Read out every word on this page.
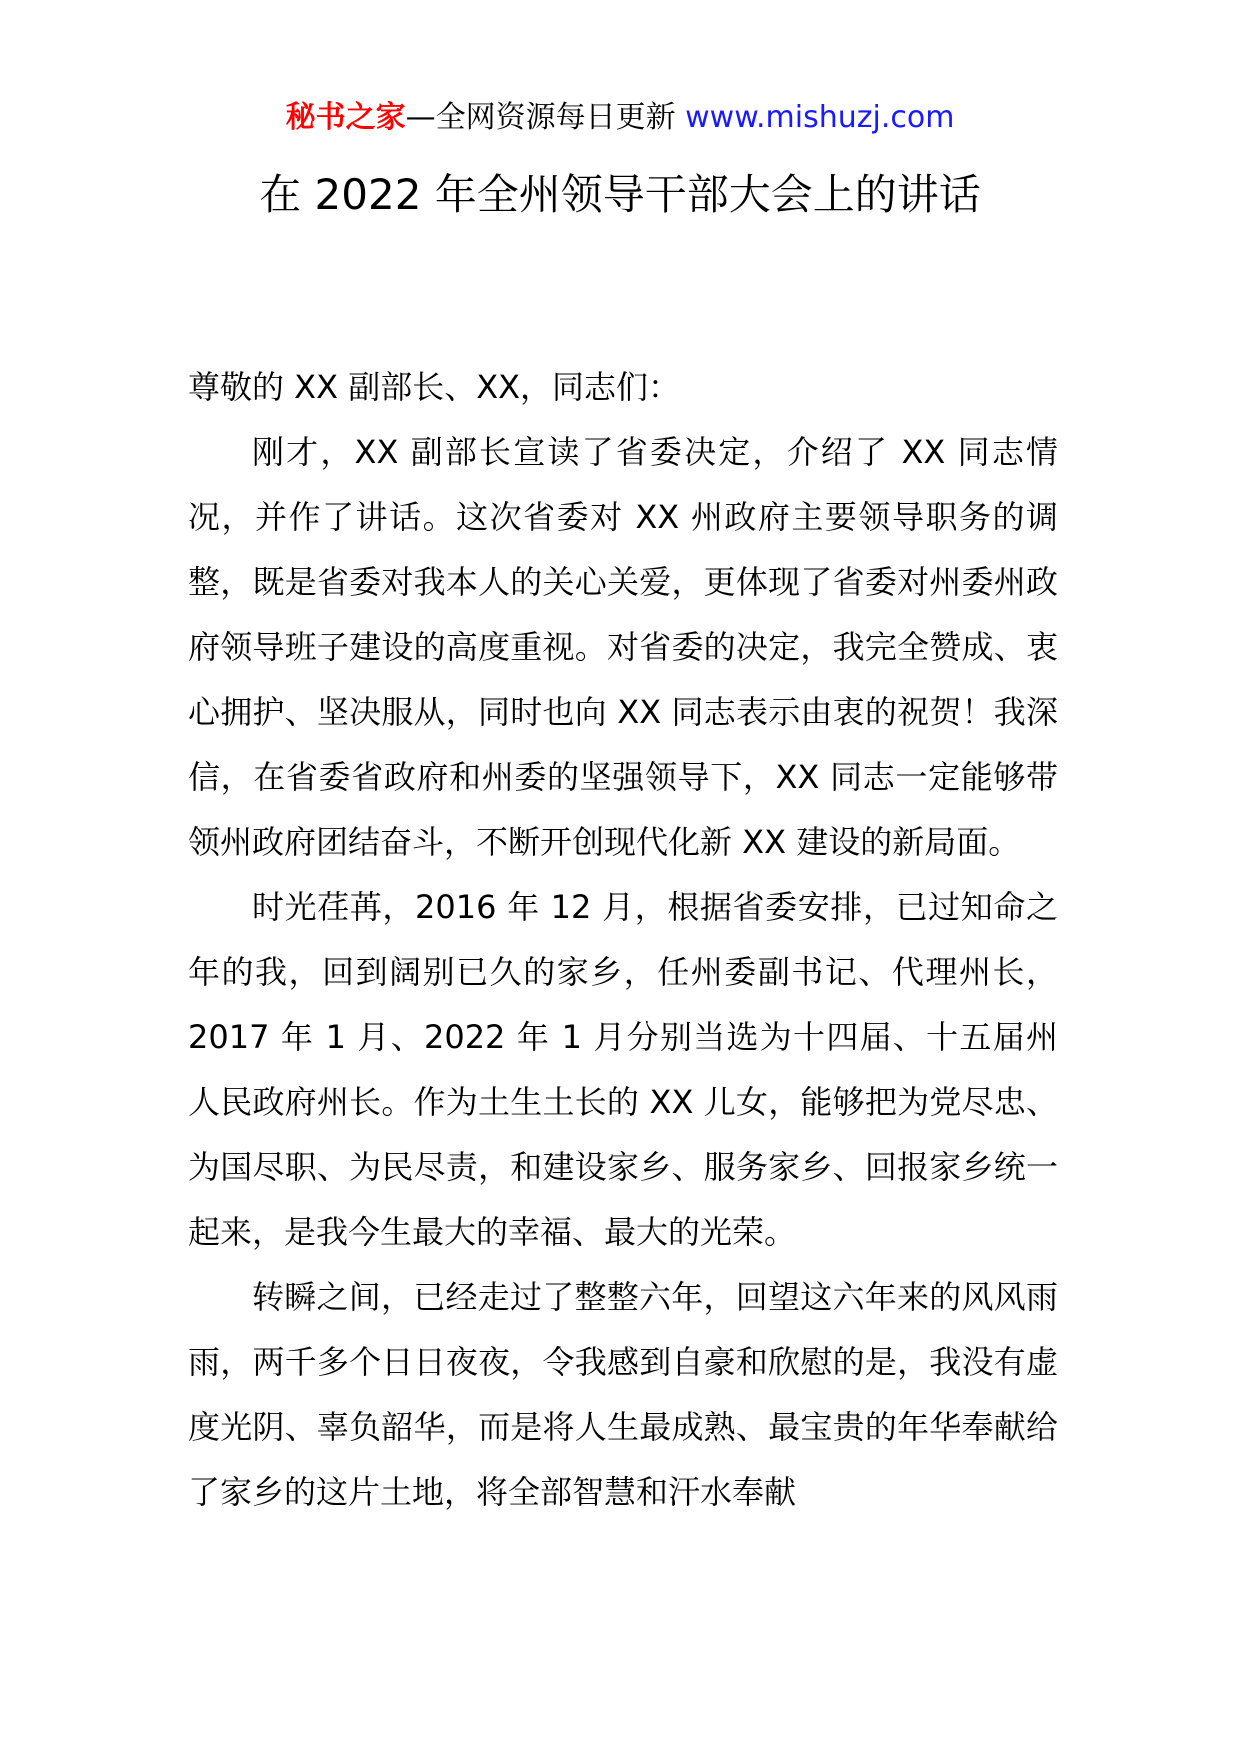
秘书之家—全网资源每日更新 www.mishuzj.com
在 2022 年全州领导干部大会上的讲话

尊敬的 XX 副部长、XX，同志们：

刚才，XX 副部长宣读了省委决定，介绍了 XX 同志情况，并作了讲话。这次省委对 XX 州政府主要领导职务的调整，既是省委对我本人的关心关爱，更体现了省委对州委州政府领导班子建设的高度重视。对省委的决定，我完全赞成、衷心拥护、坚决服从，同时也向 XX 同志表示由衷的祝贺！我深信，在省委省政府和州委的坚强领导下，XX 同志一定能够带领州政府团结奋斗，不断开创现代化新 XX 建设的新局面。

时光荏苒，2016 年 12 月，根据省委安排，已过知命之年的我，回到阔别已久的家乡，任州委副书记、代理州长，2017 年 1 月、2022 年 1 月分别当选为十四届、十五届州人民政府州长。作为土生土长的 XX 儿女，能够把为党尽忠、为国尽职、为民尽责，和建设家乡、服务家乡、回报家乡统一起来，是我今生最大的幸福、最大的光荣。

转瞬之间，已经走过了整整六年，回望这六年来的风风雨雨，两千多个日日夜夜，令我感到自豪和欣慰的是，我没有虚度光阴、辜负韶华，而是将人生最成熟、最宝贵的年华奉献给了家乡的这片土地，将全部智慧和汗水奉献
